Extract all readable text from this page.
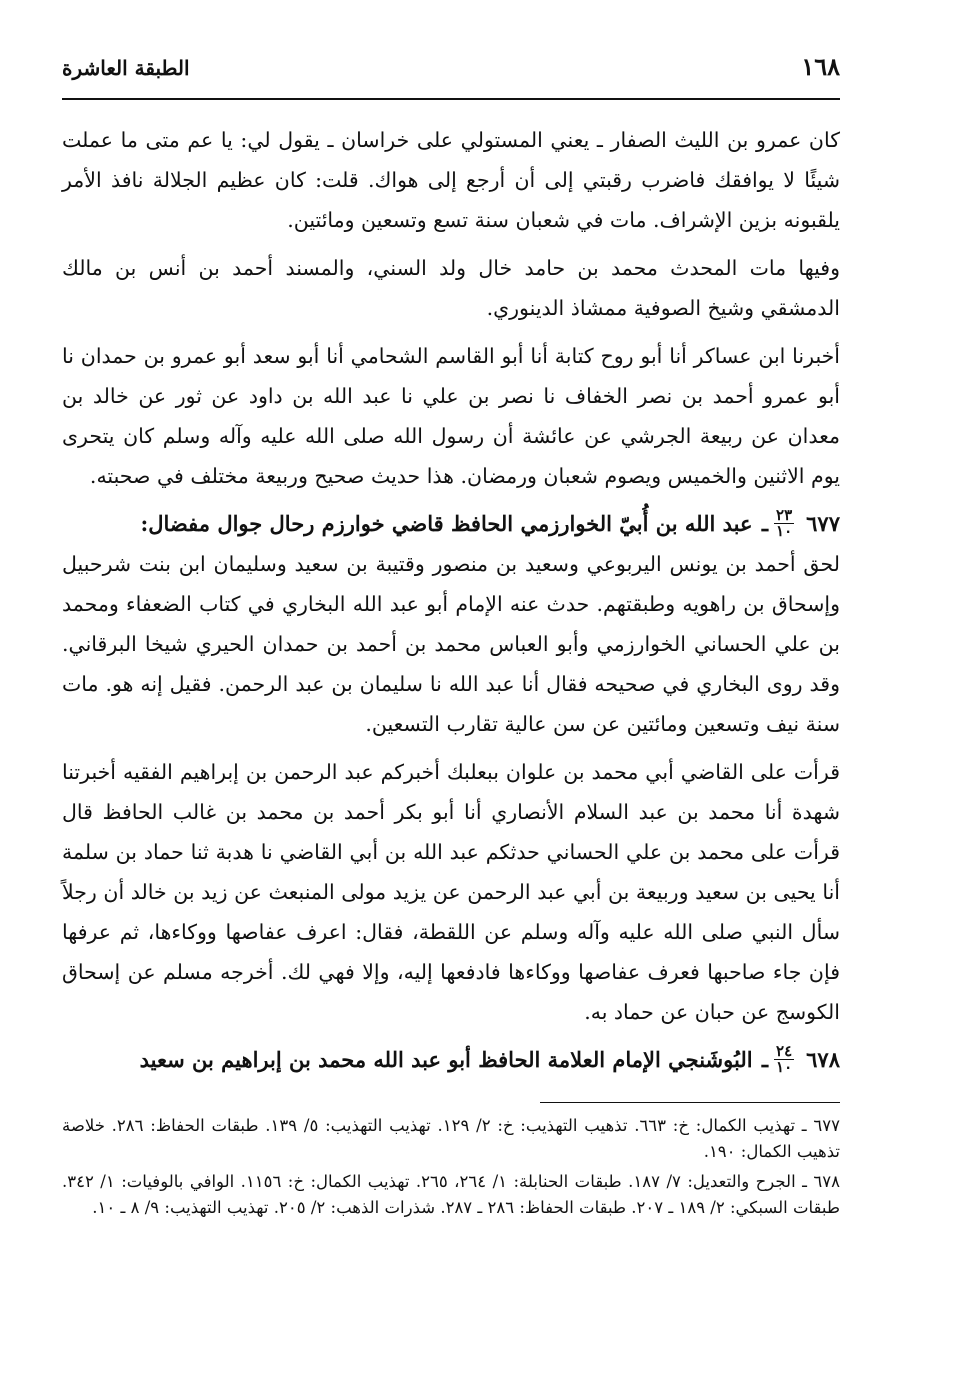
١٦٨
الطبقة العاشرة

كان عمرو بن الليث الصفار ـ يعني المستولي على خراسان ـ يقول لي: يا عم متى ما عملت شيئًا لا يوافقك فاضرب رقبتي إلى أن أرجع إلى هواك. قلت: كان عظيم الجلالة نافذ الأمر يلقبونه بزين الإشراف. مات في شعبان سنة تسع وتسعين ومائتين.

وفيها مات المحدث محمد بن حامد خال ولد السني، والمسند أحمد بن أنس بن مالك الدمشقي وشيخ الصوفية ممشاذ الدينوري.

أخبرنا ابن عساكر أنا أبو روح كتابة أنا أبو القاسم الشحامي أنا أبو سعد أبو عمرو بن حمدان نا أبو عمرو أحمد بن نصر الخفاف نا نصر بن علي نا عبد الله بن داود عن ثور عن خالد بن معدان عن ربيعة الجرشي عن عائشة أن رسول الله صلى الله عليه وآله وسلم كان يتحرى يوم الاثنين والخميس ويصوم شعبان ورمضان. هذا حديث صحيح وربيعة مختلف في صحبته.

٦٧٧
$\frac{٢٣}{١٠}$
ـ عبد الله بن أُبيّ الخوارزمي الحافظ قاضي خوارزم رحال جوال مفضال:

لحق أحمد بن يونس اليربوعي وسعيد بن منصور وقتيبة بن سعيد وسليمان ابن بنت شرحبيل وإسحاق بن راهويه وطبقتهم. حدث عنه الإمام أبو عبد الله البخاري في كتاب الضعفاء ومحمد بن علي الحساني الخوارزمي وأبو العباس محمد بن أحمد بن حمدان الحيري شيخا البرقاني. وقد روى البخاري في صحيحه فقال أنا عبد الله نا سليمان بن عبد الرحمن. فقيل إنه هو. مات سنة نيف وتسعين ومائتين عن سن عالية تقارب التسعين.

قرأت على القاضي أبي محمد بن علوان ببعلبك أخبركم عبد الرحمن بن إبراهيم الفقيه أخبرتنا شهدة أنا محمد بن عبد السلام الأنصاري أنا أبو بكر أحمد بن محمد بن غالب الحافظ قال قرأت على محمد بن علي الحساني حدثكم عبد الله بن أبي القاضي نا هدبة ثنا حماد بن سلمة أنا يحيى بن سعيد وربيعة بن أبي عبد الرحمن عن يزيد مولى المنبعث عن زيد بن خالد أن رجلاً سأل النبي صلى الله عليه وآله وسلم عن اللقطة، فقال: اعرف عفاصها ووكاءها، ثم عرفها فإن جاء صاحبها فعرف عفاصها ووكاءها فادفعها إليه، وإلا فهي لك. أخرجه مسلم عن إسحاق الكوسج عن حبان عن حماد به.

٦٧٨
$\frac{٢٤}{١٠}$
ـ البُوشَنجي الإمام العلامة الحافظ أبو عبد الله محمد بن إبراهيم بن سعيد

٦٧٧ ـ تهذيب الكمال: خ: ٦٦٣. تذهيب التهذيب: خ: ٢/ ١٢٩. تهذيب التهذيب: ٥/ ١٣٩. طبقات الحفاظ: ٢٨٦. خلاصة تذهيب الكمال: ١٩٠.

٦٧٨ ـ الجرح والتعديل: ٧/ ١٨٧. طبقات الحنابلة: ١/ ٢٦٤، ٢٦٥. تهذيب الكمال: خ: ١١٥٦. الوافي بالوفيات: ١/ ٣٤٢. طبقات السبكي: ٢/ ١٨٩ ـ ٢٠٧. طبقات الحفاظ: ٢٨٦ ـ ٢٨٧. شذرات الذهب: ٢/ ٢٠٥. تهذيب التهذيب: ٩/ ٨ ـ ١٠.
